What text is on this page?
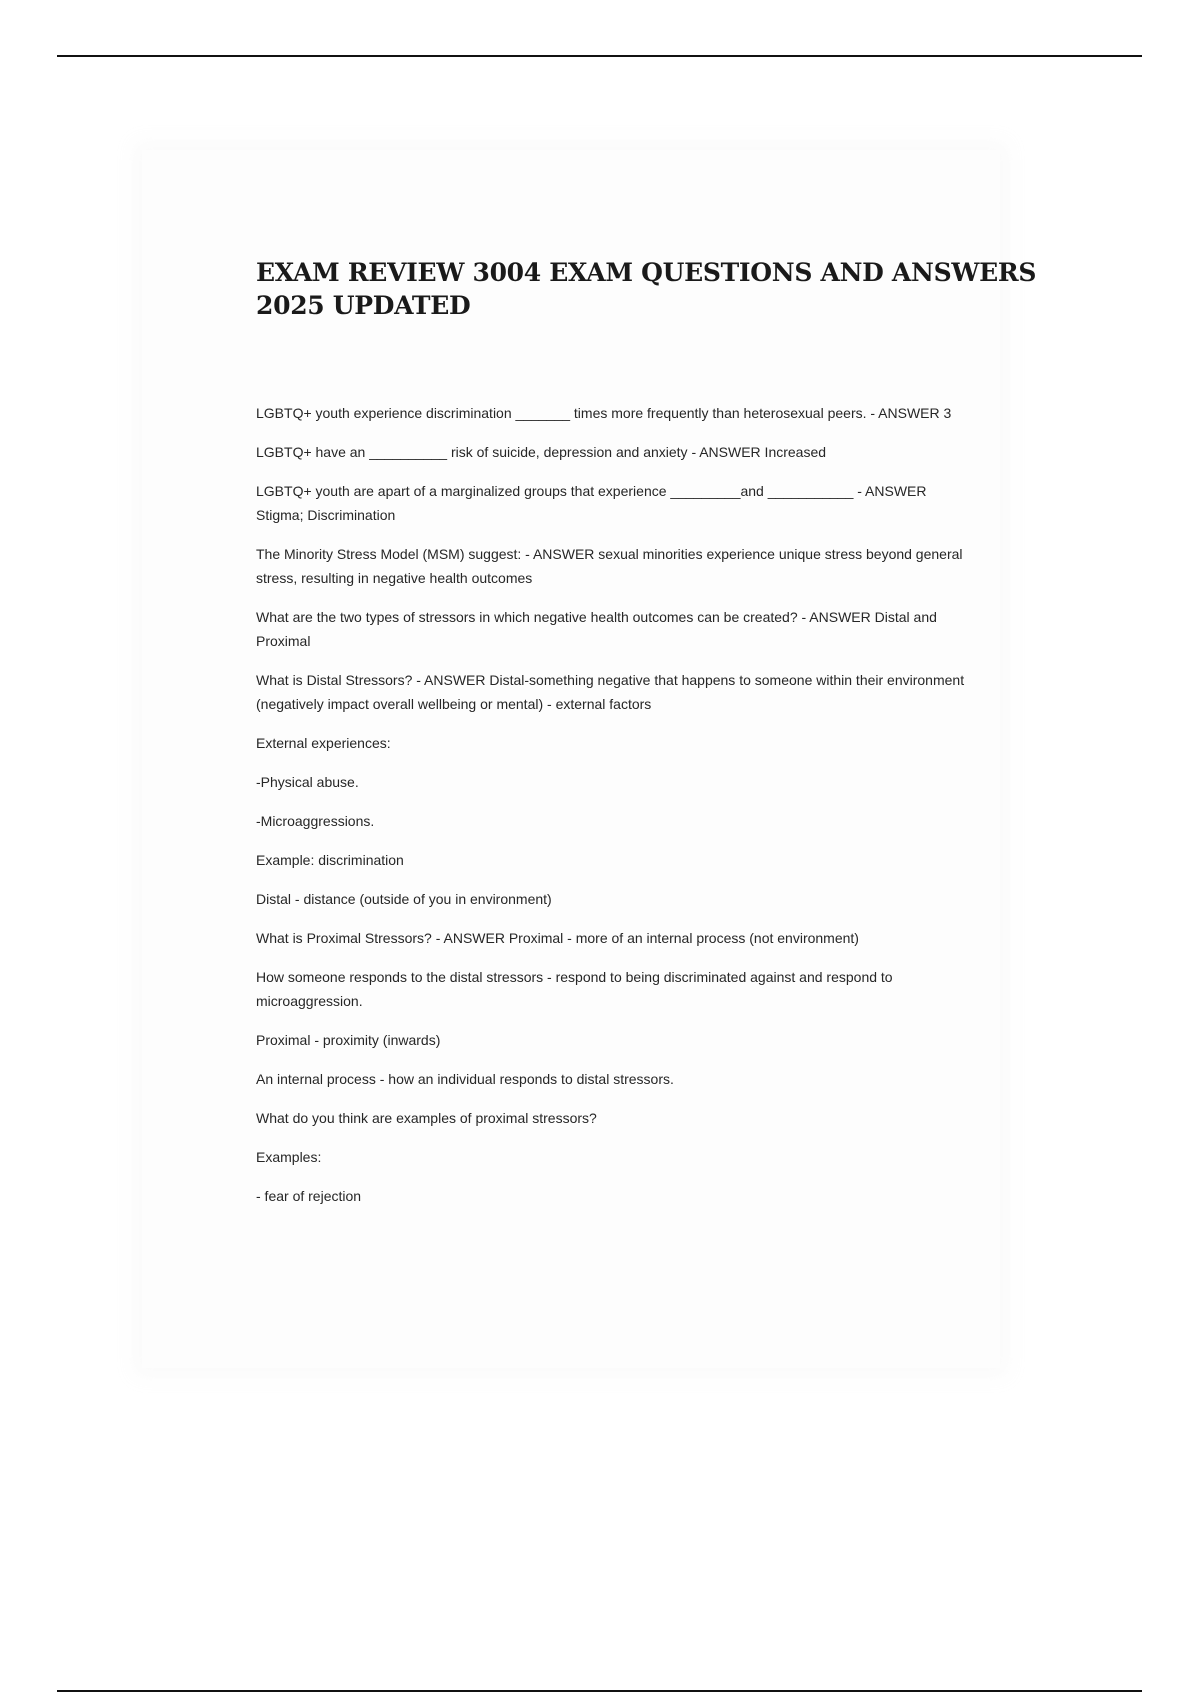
EXAM REVIEW 3004 EXAM QUESTIONS AND ANSWERS
2025 UPDATED

LGBTQ+ youth experience discrimination _______ times more frequently than heterosexual peers. - ANSWER 3

LGBTQ+ have an __________ risk of suicide, depression and anxiety - ANSWER Increased

LGBTQ+ youth are apart of a marginalized groups that experience _________and ___________ - ANSWER Stigma; Discrimination

The Minority Stress Model (MSM) suggest: - ANSWER sexual minorities experience unique stress beyond general stress, resulting in negative health outcomes

What are the two types of stressors in which negative health outcomes can be created? - ANSWER Distal and Proximal

What is Distal Stressors? - ANSWER Distal-something negative that happens to someone within their environment (negatively impact overall wellbeing or mental) - external factors

External experiences:

-Physical abuse.

-Microaggressions.

Example: discrimination

Distal - distance (outside of you in environment)

What is Proximal Stressors? - ANSWER Proximal - more of an internal process (not environment)

How someone responds to the distal stressors - respond to being discriminated against and respond to microaggression.

Proximal - proximity (inwards)

An internal process - how an individual responds to distal stressors.

What do you think are examples of proximal stressors?

Examples:

- fear of rejection
